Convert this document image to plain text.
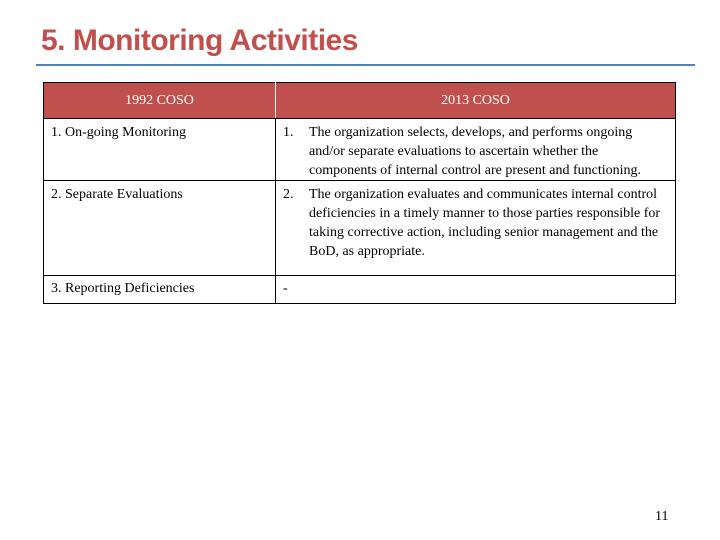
5. Monitoring Activities
1992 COSO	2013 COSO
1. On-going Monitoring	1. The organization selects, develops, and performs ongoing and/or separate evaluations to ascertain whether the components of internal control are present and functioning.

2. Separate Evaluations	2. The organization evaluates and communicates internal control deficiencies in a timely manner to those parties responsible for taking corrective action, including senior management and the BoD, as appropriate.

3. Reporting Deficiencies	-
11
